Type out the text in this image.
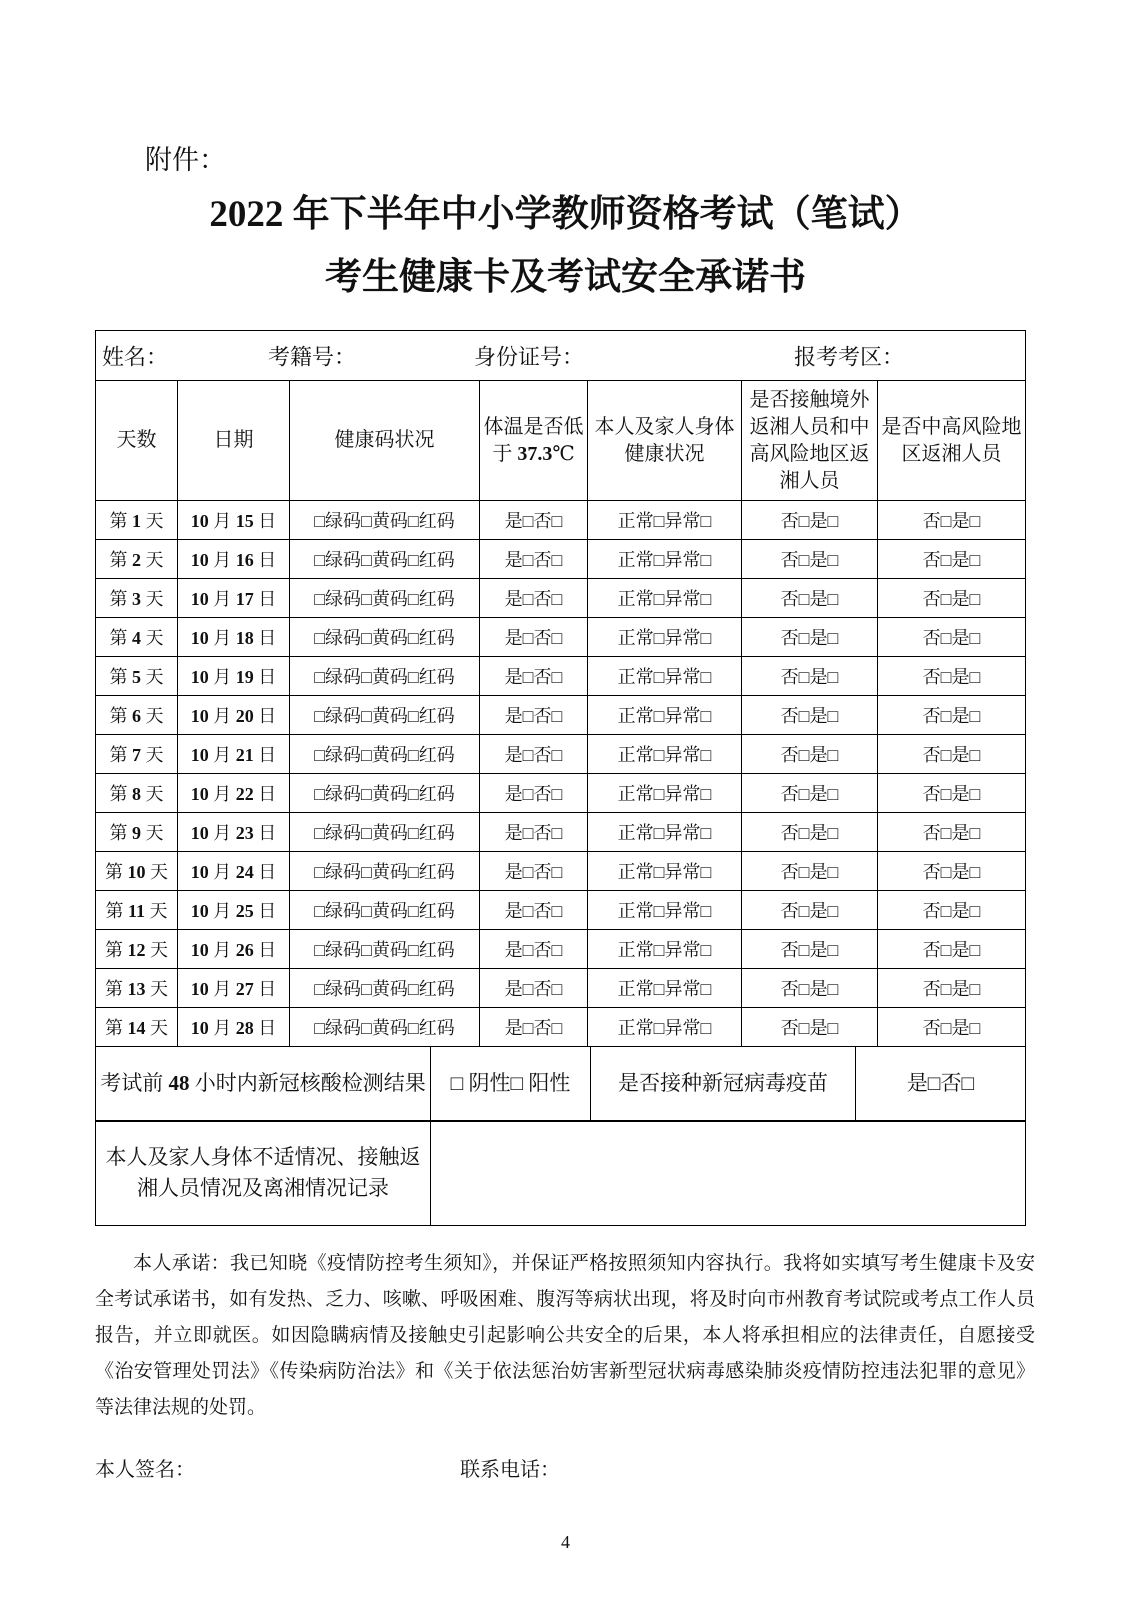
附件：
2022 年下半年中小学教师资格考试（笔试）
考生健康卡及考试安全承诺书
姓名： 考籍号： 身份证号： 报考考区：						

天数	日期	健康码状况	体温是否低于 37.3℃	本人及家人身体健康状况	是否接触境外返湘人员和中高风险地区返湘人员	是否中高风险地区返湘人员
第 1 天	10 月 15 日	□绿码□黄码□红码	是□否□	正常□异常□	否□是□	否□是□
第 2 天	10 月 16 日	□绿码□黄码□红码	是□否□	正常□异常□	否□是□	否□是□
第 3 天	10 月 17 日	□绿码□黄码□红码	是□否□	正常□异常□	否□是□	否□是□
第 4 天	10 月 18 日	□绿码□黄码□红码	是□否□	正常□异常□	否□是□	否□是□
第 5 天	10 月 19 日	□绿码□黄码□红码	是□否□	正常□异常□	否□是□	否□是□
第 6 天	10 月 20 日	□绿码□黄码□红码	是□否□	正常□异常□	否□是□	否□是□
第 7 天	10 月 21 日	□绿码□黄码□红码	是□否□	正常□异常□	否□是□	否□是□
第 8 天	10 月 22 日	□绿码□黄码□红码	是□否□	正常□异常□	否□是□	否□是□
第 9 天	10 月 23 日	□绿码□黄码□红码	是□否□	正常□异常□	否□是□	否□是□
第 10 天	10 月 24 日	□绿码□黄码□红码	是□否□	正常□异常□	否□是□	否□是□
第 11 天	10 月 25 日	□绿码□黄码□红码	是□否□	正常□异常□	否□是□	否□是□
第 12 天	10 月 26 日	□绿码□黄码□红码	是□否□	正常□异常□	否□是□	否□是□
第 13 天	10 月 27 日	□绿码□黄码□红码	是□否□	正常□异常□	否□是□	否□是□
第 14 天	10 月 28 日	□绿码□黄码□红码	是□否□	正常□异常□	否□是□	否□是□
考试前 48 小时内新冠核酸检测结果	□ 阴性□ 阳性	是否接种新冠病毒疫苗	是□否□
本人及家人身体不适情况、接触返湘人员情况及离湘情况记录	
本人承诺：我已知晓《疫情防控考生须知》，并保证严格按照须知内容执行。我将如实填写考生健康卡及安全考试承诺书，如有发热、乏力、咳嗽、呼吸困难、腹泻等病状出现，将及时向市州教育考试院或考点工作人员报告，并立即就医。如因隐瞒病情及接触史引起影响公共安全的后果，本人将承担相应的法律责任，自愿接受《治安管理处罚法》《传染病防治法》和《关于依法惩治妨害新型冠状病毒感染肺炎疫情防控违法犯罪的意见》等法律法规的处罚。
本人签名：	联系电话：
4
